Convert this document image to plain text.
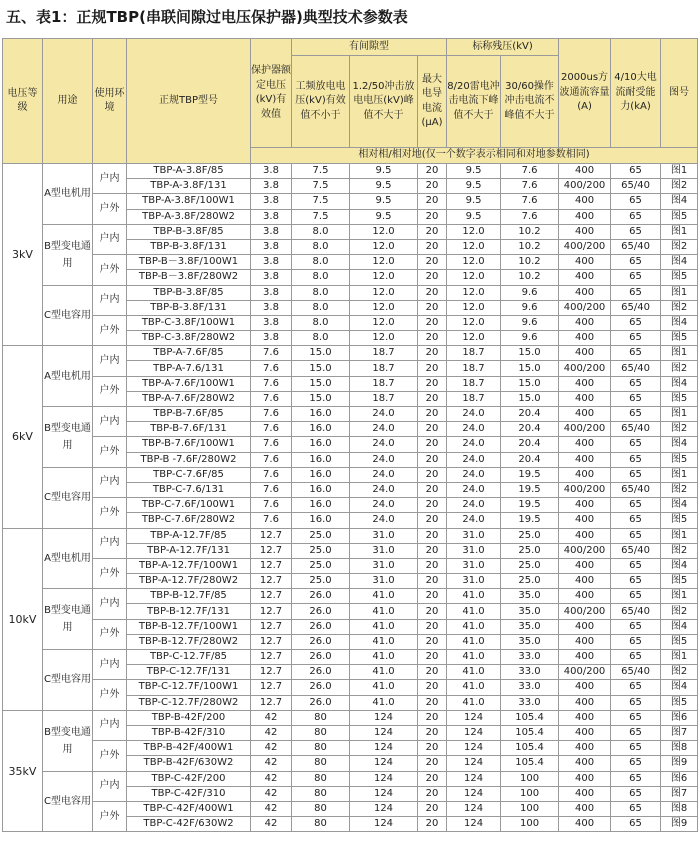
五、表1：正规TBP(串联间隙过电压保护器)典型技术参数表
电压等级	用途	使用环境	正规TBP型号	保护器额定电压(kV)有效值	有间隙型			标称残压(kV)		2000us方波通流容量(A)	4/10大电流耐受能力(kA)	图号
					工频放电电压(kV)有效值不小于	1.2/50冲击放电电压(kV)峰值不大于	最大电导电流(μA)	8/20雷电冲击电流下峰值不大于	30/60操作冲击电流不峰值不大于			
				相对相/相对地(仅一个数字表示相同和对地参数相同)								
3kV	A型电机用	户内	TBP-A-3.8F/85	3.8	7.5	9.5	20	9.5	7.6	400	65	图1
			TBP-A-3.8F/131	3.8	7.5	9.5	20	9.5	7.6	400/200	65/40	图2
		户外	TBP-A-3.8F/100W1	3.8	7.5	9.5	20	9.5	7.6	400	65	图4
			TBP-A-3.8F/280W2	3.8	7.5	9.5	20	9.5	7.6	400	65	图5
	B型变电通用	户内	TBP-B-3.8F/85	3.8	8.0	12.0	20	12.0	10.2	400	65	图1
			TBP-B-3.8F/131	3.8	8.0	12.0	20	12.0	10.2	400/200	65/40	图2
		户外	TBP-B－3.8F/100W1	3.8	8.0	12.0	20	12.0	10.2	400	65	图4
			TBP-B－3.8F/280W2	3.8	8.0	12.0	20	12.0	10.2	400	65	图5
	C型电容用	户内	TBP-B-3.8F/85	3.8	8.0	12.0	20	12.0	9.6	400	65	图1
			TBP-B-3.8F/131	3.8	8.0	12.0	20	12.0	9.6	400/200	65/40	图2
		户外	TBP-C-3.8F/100W1	3.8	8.0	12.0	20	12.0	9.6	400	65	图4
			TBP-C-3.8F/280W2	3.8	8.0	12.0	20	12.0	9.6	400	65	图5
6kV	A型电机用	户内	TBP-A-7.6F/85	7.6	15.0	18.7	20	18.7	15.0	400	65	图1
			TBP-A-7.6/131	7.6	15.0	18.7	20	18.7	15.0	400/200	65/40	图2
		户外	TBP-A-7.6F/100W1	7.6	15.0	18.7	20	18.7	15.0	400	65	图4
			TBP-A-7.6F/280W2	7.6	15.0	18.7	20	18.7	15.0	400	65	图5
	B型变电通用	户内	TBP-B-7.6F/85	7.6	16.0	24.0	20	24.0	20.4	400	65	图1
			TBP-B-7.6F/131	7.6	16.0	24.0	20	24.0	20.4	400/200	65/40	图2
		户外	TBP-B-7.6F/100W1	7.6	16.0	24.0	20	24.0	20.4	400	65	图4
			TBP-B -7.6F/280W2	7.6	16.0	24.0	20	24.0	20.4	400	65	图5
	C型电容用	户内	TBP-C-7.6F/85	7.6	16.0	24.0	20	24.0	19.5	400	65	图1
			TBP-C-7.6/131	7.6	16.0	24.0	20	24.0	19.5	400/200	65/40	图2
		户外	TBP-C-7.6F/100W1	7.6	16.0	24.0	20	24.0	19.5	400	65	图4
			TBP-C-7.6F/280W2	7.6	16.0	24.0	20	24.0	19.5	400	65	图5
10kV	A型电机用	户内	TBP-A-12.7F/85	12.7	25.0	31.0	20	31.0	25.0	400	65	图1
			TBP-A-12.7F/131	12.7	25.0	31.0	20	31.0	25.0	400/200	65/40	图2
		户外	TBP-A-12.7F/100W1	12.7	25.0	31.0	20	31.0	25.0	400	65	图4
			TBP-A-12.7F/280W2	12.7	25.0	31.0	20	31.0	25.0	400	65	图5
	B型变电通用	户内	TBP-B-12.7F/85	12.7	26.0	41.0	20	41.0	35.0	400	65	图1
			TBP-B-12.7F/131	12.7	26.0	41.0	20	41.0	35.0	400/200	65/40	图2
		户外	TBP-B-12.7F/100W1	12.7	26.0	41.0	20	41.0	35.0	400	65	图4
			TBP-B-12.7F/280W2	12.7	26.0	41.0	20	41.0	35.0	400	65	图5
	C型电容用	户内	TBP-C-12.7F/85	12.7	26.0	41.0	20	41.0	33.0	400	65	图1
			TBP-C-12.7F/131	12.7	26.0	41.0	20	41.0	33.0	400/200	65/40	图2
		户外	TBP-C-12.7F/100W1	12.7	26.0	41.0	20	41.0	33.0	400	65	图4
			TBP-C-12.7F/280W2	12.7	26.0	41.0	20	41.0	33.0	400	65	图5
35kV	B型变电通用	户内	TBP-B-42F/200	42	80	124	20	124	105.4	400	65	图6
			TBP-B-42F/310	42	80	124	20	124	105.4	400	65	图7
		户外	TBP-B-42F/400W1	42	80	124	20	124	105.4	400	65	图8
			TBP-B-42F/630W2	42	80	124	20	124	105.4	400	65	图9
	C型电容用	户内	TBP-C-42F/200	42	80	124	20	124	100	400	65	图6
			TBP-C-42F/310	42	80	124	20	124	100	400	65	图7
		户外	TBP-C-42F/400W1	42	80	124	20	124	100	400	65	图8
			TBP-C-42F/630W2	42	80	124	20	124	100	400	65	图9
